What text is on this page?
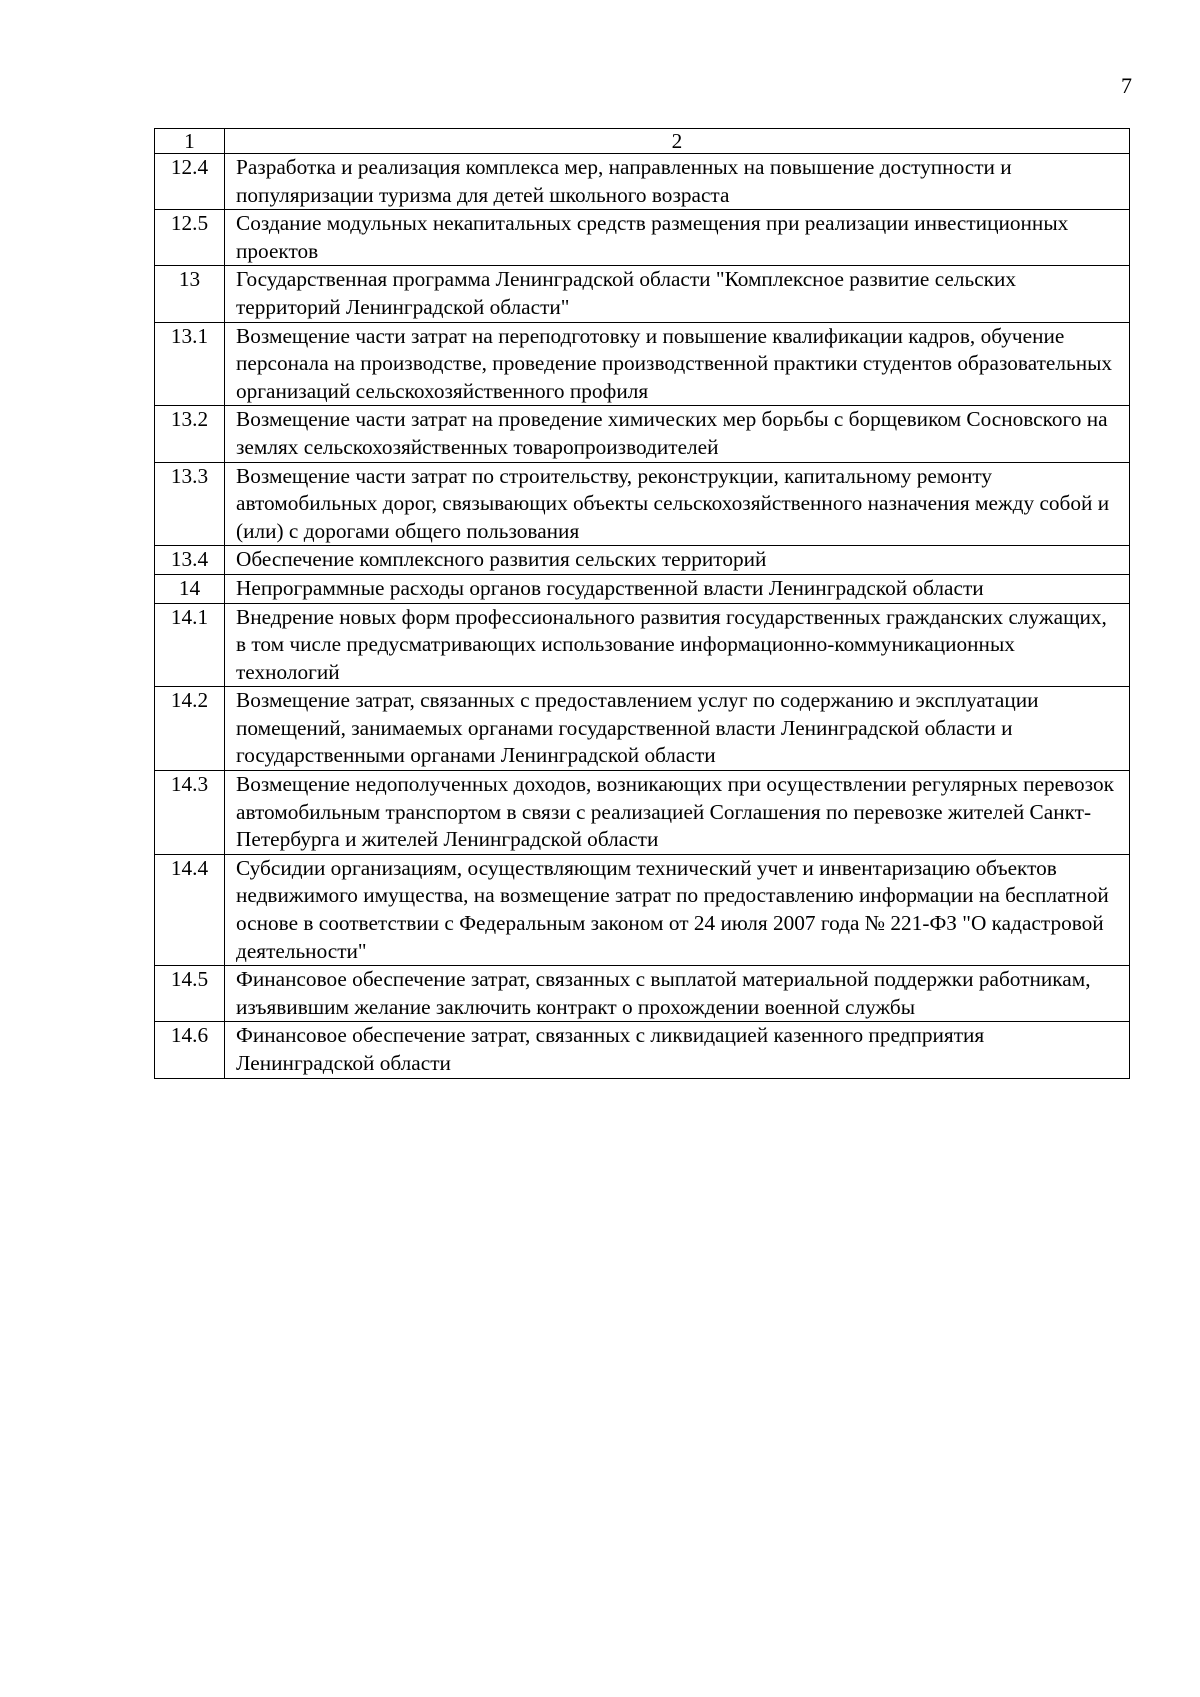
7
1	2
12.4	Разработка и реализация комплекса мер, направленных на повышение доступности и популяризации туризма для детей школьного возраста
12.5	Создание модульных некапитальных средств размещения при реализации инвестиционных проектов
13	Государственная программа Ленинградской области "Комплексное развитие сельских территорий Ленинградской области"
13.1	Возмещение части затрат на переподготовку и повышение квалификации кадров, обучение персонала на производстве, проведение производственной практики студентов образовательных организаций сельскохозяйственного профиля
13.2	Возмещение части затрат на проведение химических мер борьбы с борщевиком Сосновского на землях сельскохозяйственных товаропроизводителей
13.3	Возмещение части затрат по строительству, реконструкции, капитальному ремонту автомобильных дорог, связывающих объекты сельскохозяйственного назначения между собой и (или) с дорогами общего пользования
13.4	Обеспечение комплексного развития сельских территорий
14	Непрограммные расходы органов государственной власти Ленинградской области
14.1	Внедрение новых форм профессионального развития государственных гражданских служащих, в том числе предусматривающих использование информационно-коммуникационных технологий
14.2	Возмещение затрат, связанных с предоставлением услуг по содержанию и эксплуатации помещений, занимаемых органами государственной власти Ленинградской области и государственными органами Ленинградской области
14.3	Возмещение недополученных доходов, возникающих при осуществлении регулярных перевозок автомобильным транспортом в связи с реализацией Соглашения по перевозке жителей Санкт-Петербурга и жителей Ленинградской области
14.4	Субсидии организациям, осуществляющим технический учет и инвентаризацию объектов недвижимого имущества, на возмещение затрат по предоставлению информации на бесплатной основе в соответствии с Федеральным законом от 24 июля 2007 года № 221-ФЗ "О кадастровой деятельности"
14.5	Финансовое обеспечение затрат, связанных с выплатой материальной поддержки работникам, изъявившим желание заключить контракт о прохождении военной службы
14.6	Финансовое обеспечение затрат, связанных с ликвидацией казенного предприятия Ленинградской области
